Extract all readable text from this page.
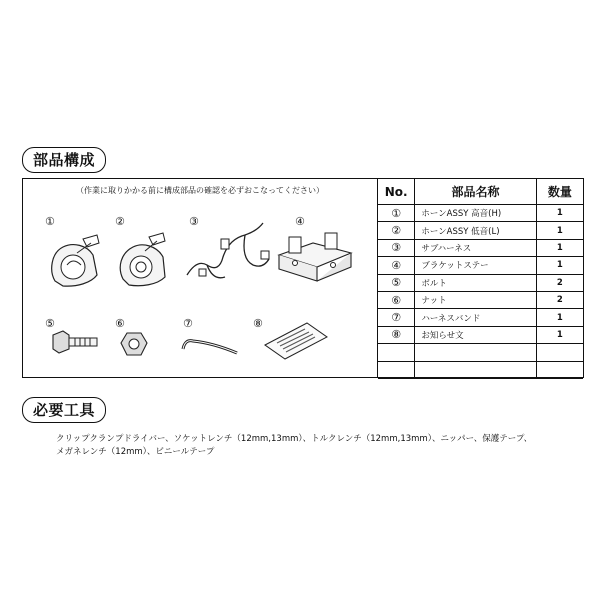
部品構成
（作業に取りかかる前に構成部品の確認を必ずおこなってください）
①	②	③	④
⑤	⑥	⑦	⑧
No.	部品名称	数量
①	ホーンASSY 高音(H)	1
②	ホーンASSY 低音(L)	1
③	サブハーネス	1
④	ブラケットステー	1
⑤	ボルト	2
⑥	ナット	2
⑦	ハーネスバンド	1
⑧	お知らせ文	1

必要工具
クリップクランプドライバー、ソケットレンチ（12mm,13mm）、トルクレンチ（12mm,13mm）、ニッパー、保護テープ、
メガネレンチ（12mm）、ビニールテープ
